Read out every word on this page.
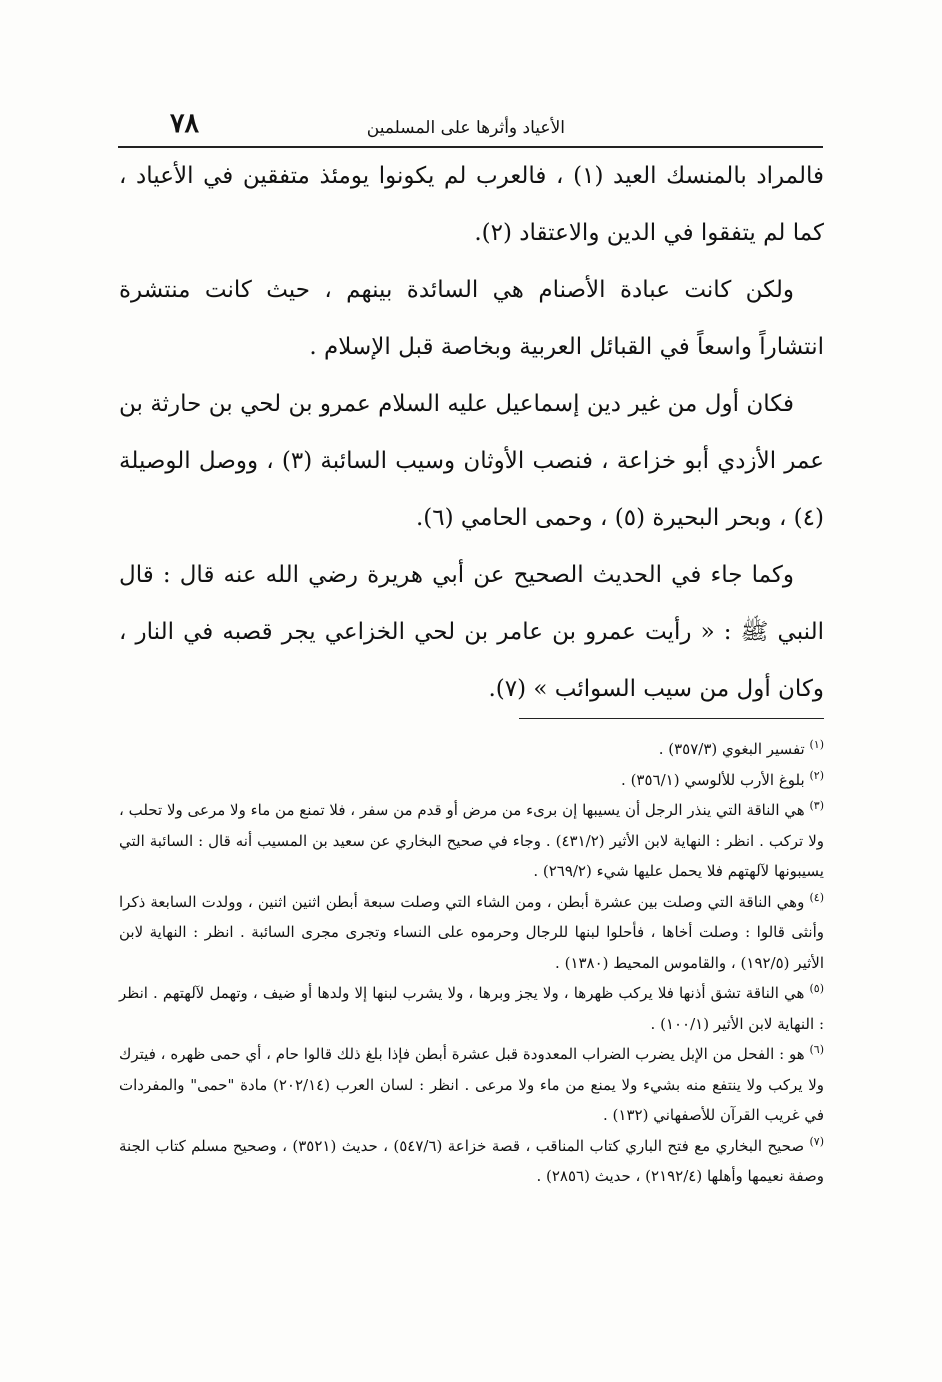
الأعياد وأثرها على المسلمين
٧٨

فالمراد بالمنسك العيد (١) ، فالعرب لم يكونوا يومئذ متفقين في الأعياد ، كما لم يتفقوا في الدين والاعتقاد (٢).

ولكن كانت عبادة الأصنام هي السائدة بينهم ، حيث كانت منتشرة انتشاراً واسعاً في القبائل العربية وبخاصة قبل الإسلام .

فكان أول من غير دين إسماعيل عليه السلام عمرو بن لحي بن حارثة بن عمر الأزدي أبو خزاعة ، فنصب الأوثان وسيب السائبة (٣) ، ووصل الوصيلة (٤) ، وبحر البحيرة (٥) ، وحمى الحامي (٦).

وكما جاء في الحديث الصحيح عن أبي هريرة رضي الله عنه قال : قال النبي ﷺ : « رأيت عمرو بن عامر بن لحي الخزاعي يجر قصبه في النار ، وكان أول من سيب السوائب » (٧).

$^{(١)}$ تفسير البغوي (٣٥٧/٣) .

$^{(٢)}$ بلوغ الأرب للألوسي (٣٥٦/١) .

$^{(٣)}$ هي الناقة التي ينذر الرجل أن يسيبها إن برىء من مرض أو قدم من سفر ، فلا تمنع من ماء ولا مرعى ولا تحلب ، ولا تركب . انظر : النهاية لابن الأثير (٤٣١/٢) . وجاء في صحيح البخاري عن سعيد بن المسيب أنه قال : السائبة التي يسيبونها لآلهتهم فلا يحمل عليها شيء (٢٦٩/٢) .

$^{(٤)}$ وهي الناقة التي وصلت بين عشرة أبطن ، ومن الشاء التي وصلت سبعة أبطن اثنين اثنين ، وولدت السابعة ذكرا وأنثى قالوا : وصلت أخاها ، فأحلوا لبنها للرجال وحرموه على النساء وتجرى مجرى السائبة . انظر : النهاية لابن الأثير (١٩٢/٥) ، والقاموس المحيط (١٣٨٠) .

$^{(٥)}$ هي الناقة تشق أذنها فلا يركب ظهرها ، ولا يجز وبرها ، ولا يشرب لبنها إلا ولدها أو ضيف ، وتهمل لآلهتهم . انظر : النهاية لابن الأثير (١٠٠/١) .

$^{(٦)}$ هو : الفحل من الإبل يضرب الضراب المعدودة قبل عشرة أبطن فإذا بلغ ذلك قالوا حام ، أي حمى ظهره ، فيترك ولا يركب ولا ينتفع منه بشيء ولا يمنع من ماء ولا مرعى . انظر : لسان العرب (٢٠٢/١٤) مادة "حمى" والمفردات في غريب القرآن للأصفهاني (١٣٢) .

$^{(٧)}$ صحيح البخاري مع فتح الباري كتاب المناقب ، قصة خزاعة (٥٤٧/٦) ، حديث (٣٥٢١) ، وصحيح مسلم كتاب الجنة وصفة نعيمها وأهلها (٢١٩٢/٤) ، حديث (٢٨٥٦) .
